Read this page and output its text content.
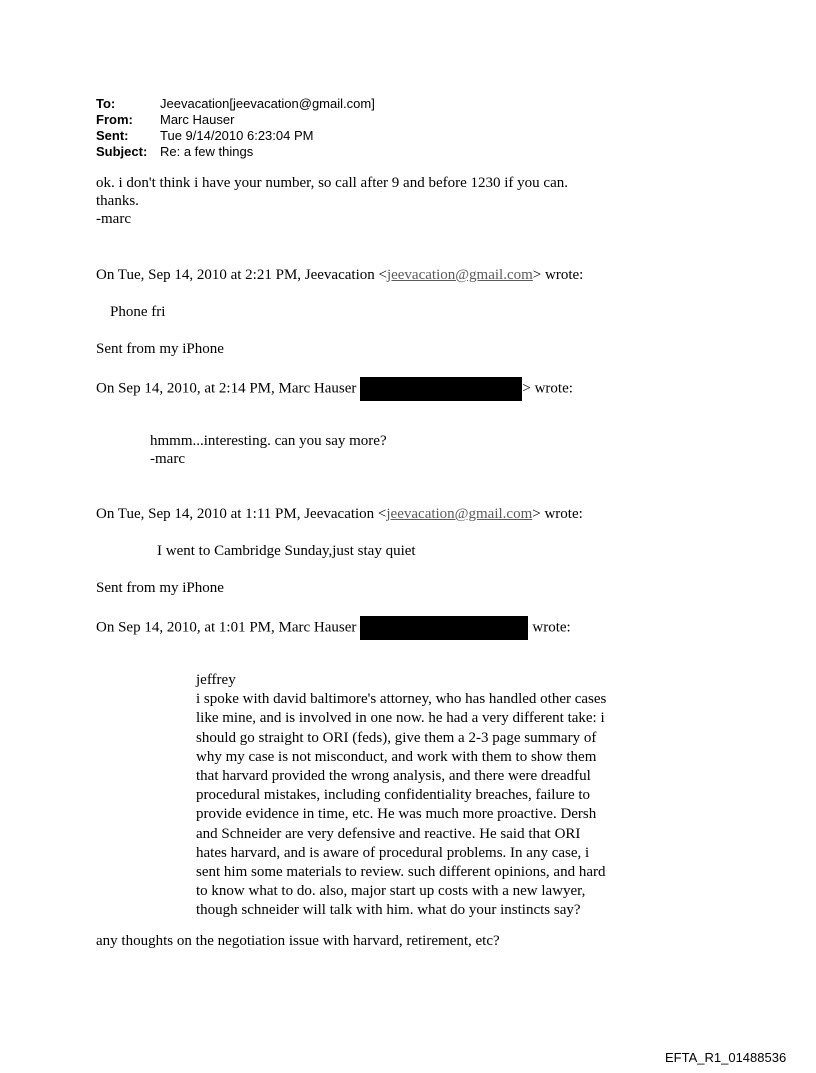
To:	Jeevacation[jeevacation@gmail.com]
From:	Marc Hauser
Sent:	Tue 9/14/2010 6:23:04 PM
Subject: Re: a few things
ok. i don't think i have your number, so call after 9 and before 1230 if you can.
thanks.
-marc
On Tue, Sep 14, 2010 at 2:21 PM, Jeevacation <jeevacation@gmail.com> wrote:
Phone fri
Sent from my iPhone
On Sep 14, 2010, at 2:14 PM, Marc Hauser	> wrote:
hmmm...interesting. can you say more?
-marc
On Tue, Sep 14, 2010 at 1:11 PM, Jeevacation <jeevacation@gmail.com> wrote:
I went to Cambridge Sunday,just stay quiet
Sent from my iPhone
On Sep 14, 2010, at 1:01 PM, Marc Hauser	wrote:

jeffrey

i spoke with david baltimore's attorney, who has handled other cases

like mine, and is involved in one now. he had a very different take: i

should go straight to ORI (feds), give them a 2-3 page summary of

why my case is not misconduct, and work with them to show them

that harvard provided the wrong analysis, and there were dreadful

procedural mistakes, including confidentiality breaches, failure to

provide evidence in time, etc. He was much more proactive. Dersh

and Schneider are very defensive and reactive. He said that ORI

hates harvard, and is aware of procedural problems. In any case, i

sent him some materials to review. such different opinions, and hard

to know what to do. also, major start up costs with a new lawyer,

though schneider will talk with him. what do your instincts say?

any thoughts on the negotiation issue with harvard, retirement, etc?
EFTA_R1_01488536
